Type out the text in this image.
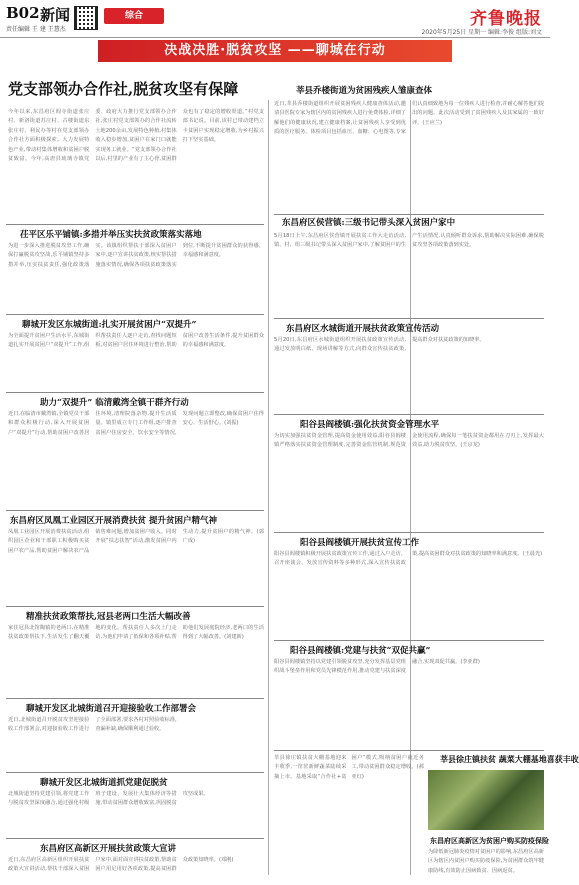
B02 新闻
责任编辑 王 建 王慧杰
综合	齐鲁晚报
2020年5月25日 星期一 编辑:李俊 组版:刘文
决战决胜·脱贫攻坚 ——聊城在行动
党支部领办合作社,脱贫攻坚有保障
今年以来,东昌府区阎寺街道张庄村、新洛街道苏庄村、古楼街道东张庄村、利民办等村在党支部领办合作社方面积极探索。大力发展特色产业,带动村集体增收和贫困户脱贫致富。今年,高唐县琉璃寺镇党委、政府大力推行党支部领办合作社,张庄村党支部领办的合作社流转土地200余亩,发展特色种植,村集体收入稳步增加,贫困户在家门口就能实现务工就业。“党支部领办合作社以后,村里的产业有了主心骨,贫困群众也有了稳定的增收渠道。”村党支部书记说。目前,该村已带动建档立卡贫困户实现稳定增收,为乡村振兴打下坚实基础。
莘县乔楼街道为贫困残疾人雏康查体
近日,莘县乔楼街道组织开展贫困残疾人健康查体活动,邀请县医院专家为辖区内的贫困残疾人进行免费体检,详细了解他们的健康状况,建立健康档案,让贫困残疾人享受到优质的医疗服务。体检项目包括血压、血糖、心电图等,专家们认真细致地为每一位残疾人进行检查,并耐心解答他们提出的问题。此次活动受到了贫困残疾人及其家属的一致好评。(王应兰)
茌平区乐平铺镇:多措并举压实扶贫政策落实落地
为进一步深入推进脱贫攻坚工作,确保打赢脱贫攻坚战,乐平铺镇坚持多措并举,压实扶贫责任,强化政策落实。该镇组织帮扶干部深入贫困户家中,逐户宣讲扶贫政策,核实帮扶措施落实情况,确保各项扶贫政策落实到位,不断提升贫困群众的获得感、幸福感和满意度。
东昌府区侯营镇:三级书记带头深入贫困户家中
5月18日上午,东昌府区侯营镇开展扶贫工作大走访活动,镇、村、组三级书记带头深入贫困户家中,了解贫困户的生产生活情况,认真倾听群众诉求,帮助解决实际困难,确保脱贫攻坚各项政策落到实处。
聊城开发区东城街道:扎实开展贫困户“双提升”
为全面提升贫困户生活水平,东城街道扎实开展贫困户“双提升”工作,组织帮扶责任人逐户走访,查找问题短板,对贫困户居住环境进行整治,帮助贫困户改善生活条件,提升贫困群众的幸福感和满意度。
东昌府区水城街道开展扶贫政策宣传活动
5月20日,东昌府区水城街道组织开展扶贫政策宣传活动,通过发放明白纸、现场讲解等方式,向群众宣传扶贫政策,提高群众对扶贫政策的知晓率。
助力“双提升” 临清戴湾全镇干群齐行动
近日,在临清市戴湾镇,全镇党员干部和群众积极行动,深入开展贫困户“双提升”行动,帮助贫困户改善居住环境,清理院落杂物,提升生活质量。镇里成立专门工作组,逐户排查贫困户住房安全、饮水安全等情况,发现问题立即整改,确保贫困户住得安心、生活舒心。(刘振)	阳谷县阎楼镇:强化扶贫资金管理水平
为切实加强扶贫资金管理,提高资金使用效益,阳谷县阎楼镇严格落实扶贫资金管理制度,完善资金监管机制,规范资金使用流程,确保每一笔扶贫资金都用在刀刃上,发挥最大效益,助力脱贫攻坚。(王京龙)
东昌府区凤凰工业园区开展消费扶贫 提升贫困户精气神
凤凰工业园区开展消费扶贫活动,组织园区企业和干部职工积极购买贫困户农产品,帮助贫困户解决农产品销售难问题,增加贫困户收入。同时开展“扶志扶智”活动,激发贫困户内生动力,提升贫困户的精气神。(郭广成)	阳谷县阎楼镇开展扶贫宣传工作
阳谷县阎楼镇积极开展扶贫政策宣传工作,通过入户走访、召开座谈会、发放宣传资料等多种形式,深入宣传扶贫政策,提高贫困群众对扶贫政策的知晓率和满意度。(王晨光)
精准扶贫政策帮扶,冠县老两口生活大幅改善
家住冠县北馆陶镇的老两口,在精准扶贫政策帮扶下,生活发生了翻天覆地的变化。帮扶责任人多次上门走访,为他们申请了低保和各项补贴,帮助他们发展庭院经济,老两口的生活得到了大幅改善。(刘建新)
阳谷县阎楼镇:党建与扶贫“双促共赢”
阳谷县阎楼镇坚持以党建引领脱贫攻坚,充分发挥基层党组织战斗堡垒作用和党员先锋模范作用,推动党建与扶贫深度融合,实现双促共赢。(李亚群)
聊城开发区北城街道召开迎接验收工作部署会
近日,北城街道召开脱贫攻坚迎接验收工作部署会,对迎接验收工作进行了全面部署,要求各村对照验收标准,查漏补缺,确保顺利通过验收。
莘县徐庄镇扶贫 蔬菜大棚基地喜获丰收
莘县徐庄镇扶贫大棚基地迎来丰收季,一筐筐新鲜蔬菜陆续采摘上市。基地采取“合作社+贫困户”模式,吸纳贫困户就近务工,带动贫困群众稳定增收。(郝亚红)
聊城开发区北城街道抓党建促脱贫
北城街道坚持党建引领,将党建工作与脱贫攻坚深度融合,通过强化村级班子建设、发展壮大集体经济等措施,带动贫困群众增收致富,巩固脱贫攻坚成果。
东昌府区高新区开展扶贫政策大宣讲
近日,东昌府区高新区组织开展扶贫政策大宣讲活动,帮扶干部深入贫困户家中,面对面宣讲扶贫政策,帮助贫困户用足用好各项政策,提高贫困群众政策知晓率。(邓刚)
东昌府区高新区为贫困户购买防疫保险
为降低新冠肺炎疫情对贫困户的影响,东昌府区高新区为辖区内贫困户购买防疫保险,为贫困群众筑牢健康防线,有效防止因病致贫、因病返贫。
